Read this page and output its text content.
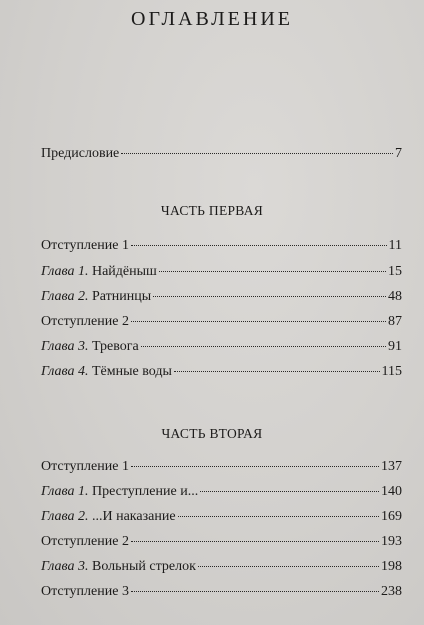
ОГЛАВЛЕНИЕ
Предисловие	7
ЧАСТЬ ПЕРВАЯ
Отступление 1	11
Глава 1. Найдёныш	15
Глава 2. Ратнинцы	48
Отступление 2	87
Глава 3. Тревога	91
Глава 4. Тёмные воды	115
ЧАСТЬ ВТОРАЯ
Отступление 1	137
Глава 1. Преступление и...	140
Глава 2. ...И наказание	169
Отступление 2	193
Глава 3. Вольный стрелок	198
Отступление 3	238
